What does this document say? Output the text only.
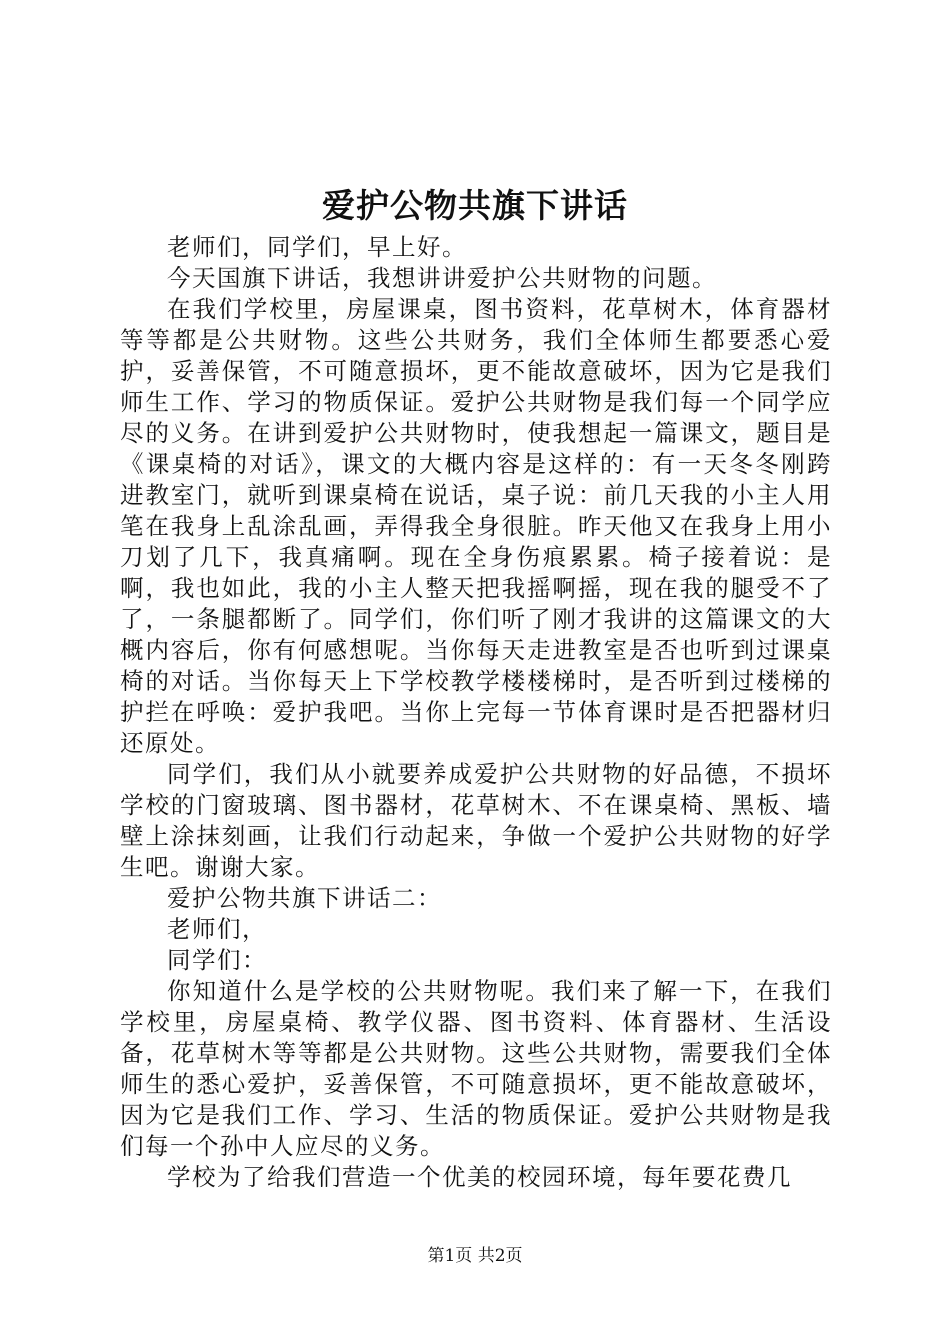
爱护公物共旗下讲话

老师们，同学们，早上好。

今天国旗下讲话，我想讲讲爱护公共财物的问题。

在我们学校里，房屋课桌，图书资料，花草树木，体育器材等等都是公共财物。这些公共财务，我们全体师生都要悉心爱护，妥善保管，不可随意损坏，更不能故意破坏，因为它是我们师生工作、学习的物质保证。爱护公共财物是我们每一个同学应尽的义务。在讲到爱护公共财物时，使我想起一篇课文，题目是《课桌椅的对话》，课文的大概内容是这样的：有一天冬冬刚跨进教室门，就听到课桌椅在说话，桌子说：前几天我的小主人用笔在我身上乱涂乱画，弄得我全身很脏。昨天他又在我身上用小刀划了几下，我真痛啊。现在全身伤痕累累。椅子接着说：是啊，我也如此，我的小主人整天把我摇啊摇，现在我的腿受不了了，一条腿都断了。同学们，你们听了刚才我讲的这篇课文的大概内容后，你有何感想呢。当你每天走进教室是否也听到过课桌椅的对话。当你每天上下学校教学楼楼梯时，是否听到过楼梯的护拦在呼唤：爱护我吧。当你上完每一节体育课时是否把器材归还原处。

同学们，我们从小就要养成爱护公共财物的好品德，不损坏学校的门窗玻璃、图书器材，花草树木、不在课桌椅、黑板、墙壁上涂抹刻画，让我们行动起来，争做一个爱护公共财物的好学生吧。谢谢大家。

爱护公物共旗下讲话二：

老师们，

同学们：

你知道什么是学校的公共财物呢。我们来了解一下，在我们学校里，房屋桌椅、教学仪器、图书资料、体育器材、生活设备，花草树木等等都是公共财物。这些公共财物，需要我们全体师生的悉心爱护，妥善保管，不可随意损坏，更不能故意破坏，因为它是我们工作、学习、生活的物质保证。爱护公共财物是我们每一个孙中人应尽的义务。

学校为了给我们营造一个优美的校园环境，每年要花费几

第1页 共2页
